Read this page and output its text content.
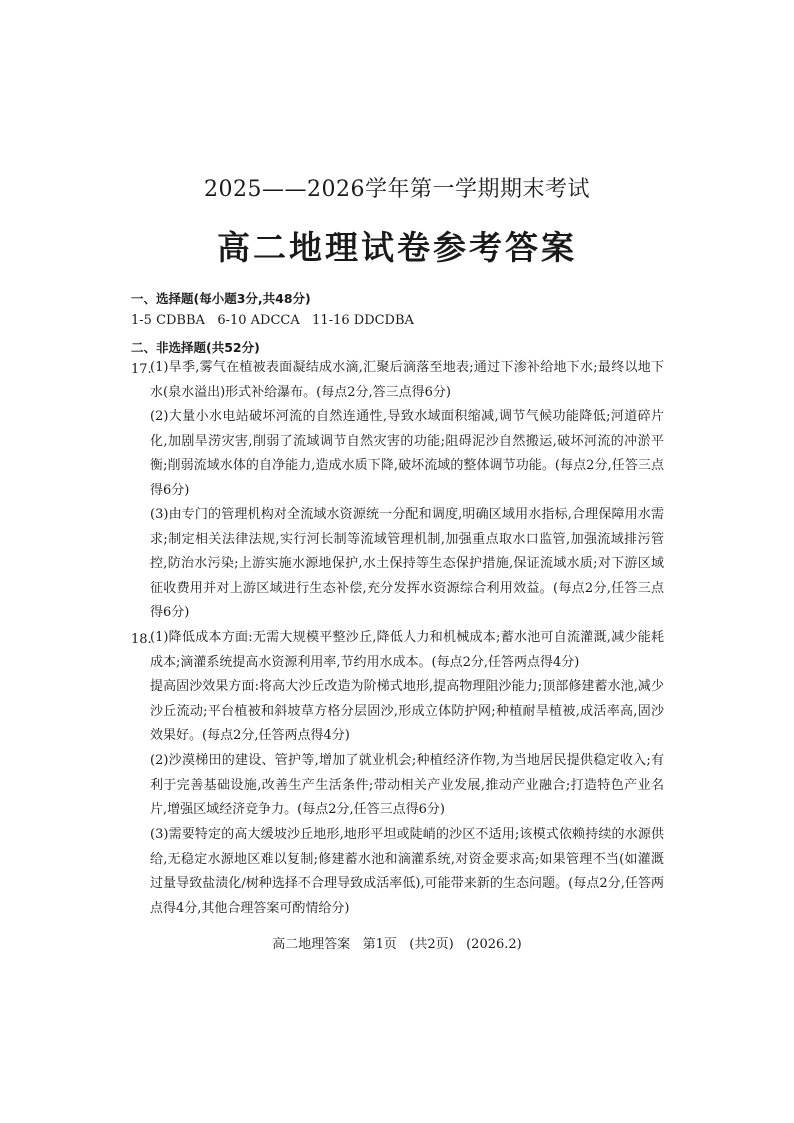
2025——2026学年第一学期期末考试
高二地理试卷参考答案
一、选择题(每小题3分,共48分)
1-5 CDBBA   6-10 ADCCA   11-16 DDCDBA
二、非选择题(共52分)
17.
(1)旱季,雾气在植被表面凝结成水滴,汇聚后滴落至地表;通过下渗补给地下水;最终以地下水(泉水溢出)形式补给瀑布。(每点2分,答三点得6分)
(2)大量小水电站破坏河流的自然连通性,导致水域面积缩减,调节气候功能降低;河道碎片化,加剧旱涝灾害,削弱了流域调节自然灾害的功能;阻碍泥沙自然搬运,破坏河流的冲淤平衡;削弱流域水体的自净能力,造成水质下降,破坏流域的整体调节功能。(每点2分,任答三点得6分)
(3)由专门的管理机构对全流域水资源统一分配和调度,明确区域用水指标,合理保障用水需求;制定相关法律法规,实行河长制等流域管理机制,加强重点取水口监管,加强流域排污管控,防治水污染;上游实施水源地保护,水土保持等生态保护措施,保证流域水质;对下游区域征收费用并对上游区域进行生态补偿,充分发挥水资源综合利用效益。(每点2分,任答三点得6分)
18.
(1)降低成本方面:无需大规模平整沙丘,降低人力和机械成本;蓄水池可自流灌溉,减少能耗成本;滴灌系统提高水资源利用率,节约用水成本。(每点2分,任答两点得4分)
提高固沙效果方面:将高大沙丘改造为阶梯式地形,提高物理阻沙能力;顶部修建蓄水池,减少沙丘流动;平台植被和斜坡草方格分层固沙,形成立体防护网;种植耐旱植被,成活率高,固沙效果好。(每点2分,任答两点得4分)
(2)沙漠梯田的建设、管护等,增加了就业机会;种植经济作物,为当地居民提供稳定收入;有利于完善基础设施,改善生产生活条件;带动相关产业发展,推动产业融合;打造特色产业名片,增强区域经济竞争力。(每点2分,任答三点得6分)
(3)需要特定的高大缓坡沙丘地形,地形平坦或陡峭的沙区不适用;该模式依赖持续的水源供给,无稳定水源地区难以复制;修建蓄水池和滴灌系统,对资金要求高;如果管理不当(如灌溉过量导致盐渍化/树种选择不合理导致成活率低),可能带来新的生态问题。(每点2分,任答两点得4分,其他合理答案可酌情给分)
高二地理答案   第1页   (共2页)   (2026.2)
